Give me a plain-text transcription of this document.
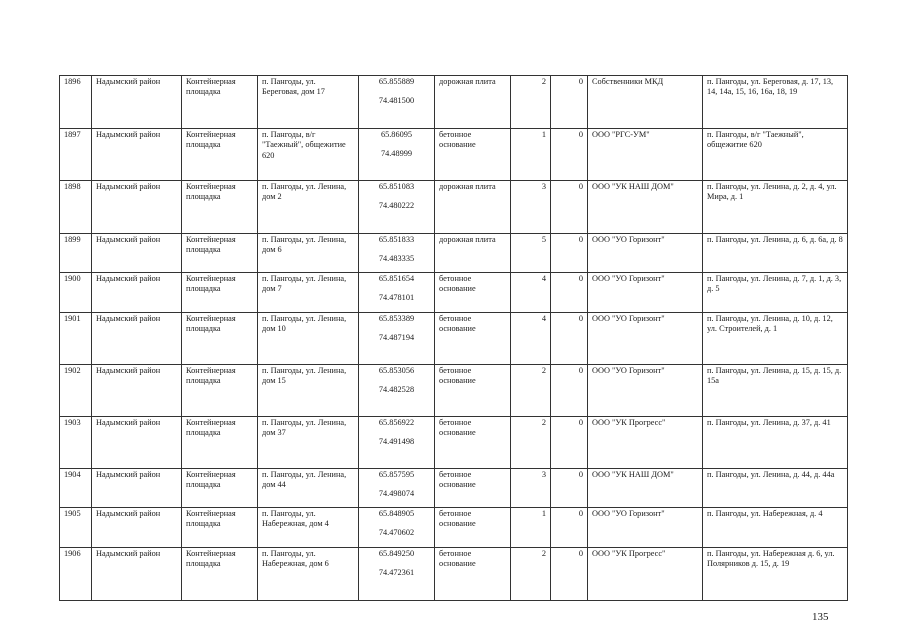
1896	Надымский район	Контейнерная площадка	п. Пангоды, ул. Береговая, дом 17	65.855889
74.481500	дорожная плита	2	0	Собственники МКД	п. Пангоды, ул. Береговая, д. 17, 13, 14, 14а, 15, 16, 16а, 18, 19
1897	Надымский район	Контейнерная площадка	п. Пангоды, в/г "Таежный", общежитие 620	65.86095
74.48999	бетонное основание	1	0	ООО "РГС-УМ"	п. Пангоды, в/г "Таежный", общежитие 620
1898	Надымский район	Контейнерная площадка	п. Пангоды, ул. Ленина, дом 2	65.851083
74.480222	дорожная плита	3	0	ООО "УК НАШ ДОМ"	п. Пангоды, ул. Ленина, д. 2, д. 4, ул. Мира, д. 1
1899	Надымский район	Контейнерная площадка	п. Пангоды, ул. Ленина, дом 6	65.851833
74.483335	дорожная плита	5	0	ООО "УО Горизонт"	п. Пангоды, ул. Ленина, д. 6, д. 6а, д. 8
1900	Надымский район	Контейнерная площадка	п. Пангоды, ул. Ленина, дом 7	65.851654
74.478101	бетонное основание	4	0	ООО "УО Горизонт"	п. Пангоды, ул. Ленина, д. 7, д. 1, д. 3, д. 5
1901	Надымский район	Контейнерная площадка	п. Пангоды, ул. Ленина, дом 10	65.853389
74.487194	бетонное основание	4	0	ООО "УО Горизонт"	п. Пангоды, ул. Ленина, д. 10, д. 12, ул. Строителей, д. 1
1902	Надымский район	Контейнерная площадка	п. Пангоды, ул. Ленина, дом 15	65.853056
74.482528	бетонное основание	2	0	ООО "УО Горизонт"	п. Пангоды, ул. Ленина, д. 15, д. 15, д. 15а
1903	Надымский район	Контейнерная площадка	п. Пангоды, ул. Ленина, дом 37	65.856922
74.491498	бетонное основание	2	0	ООО "УК Прогресс"	п. Пангоды, ул. Ленина, д. 37, д. 41
1904	Надымский район	Контейнерная площадка	п. Пангоды, ул. Ленина, дом 44	65.857595
74.498074	бетонное основание	3	0	ООО "УК НАШ ДОМ"	п. Пангоды, ул. Ленина, д. 44, д. 44а
1905	Надымский район	Контейнерная площадка	п. Пангоды, ул. Набережная, дом 4	65.848905
74.470602	бетонное основание	1	0	ООО "УО Горизонт"	п. Пангоды, ул. Набережная, д. 4
1906	Надымский район	Контейнерная площадка	п. Пангоды, ул. Набережная, дом 6	65.849250
74.472361	бетонное основание	2	0	ООО "УК Прогресс"	п. Пангоды, ул. Набережная д. 6, ул. Полярников д. 15, д. 19
135
